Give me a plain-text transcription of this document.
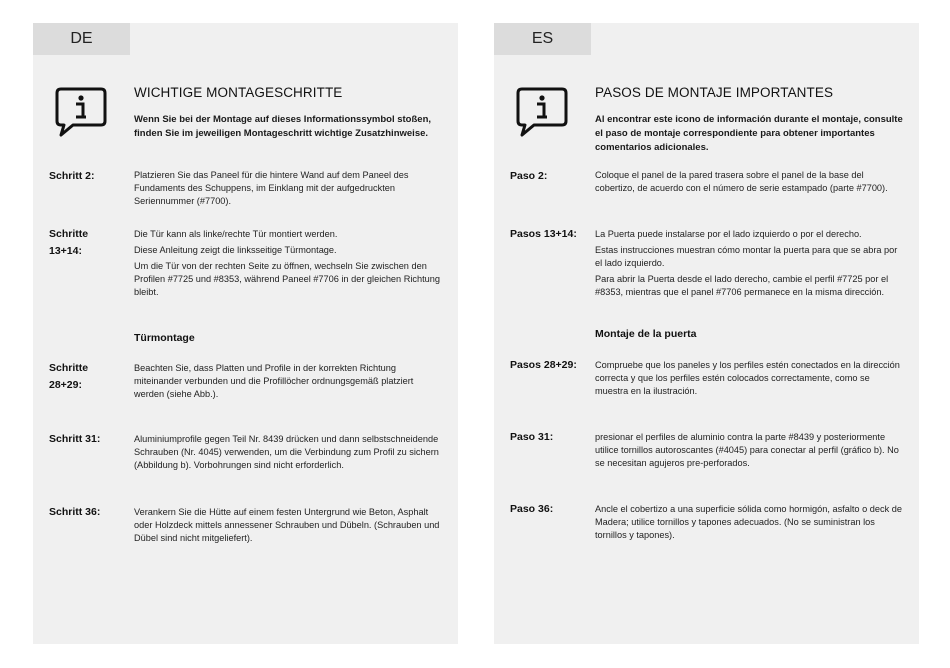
DE
WICHTIGE MONTAGESCHRITTE
Wenn Sie bei der Montage auf dieses Informationssymbol stoßen, finden Sie im jeweiligen Montageschritt wichtige Zusatzhinweise.
Schritt 2:	Platzieren Sie das Paneel für die hintere Wand auf dem Paneel des Fundaments des Schuppens, im Einklang mit der aufgedruckten Seriennummer (#7700).
Schritte 13+14:
Die Tür kann als linke/rechte Tür montiert werden.
Diese Anleitung zeigt die linksseitige Türmontage.
Um die Tür von der rechten Seite zu öffnen, wechseln Sie zwischen den Profilen #7725 und #8353, während Paneel #7706 in der gleichen Richtung bleibt.
Türmontage
Schritte 28+29:
Beachten Sie, dass Platten und Profile in der korrekten Richtung miteinander verbunden und die Profillöcher ordnungsgemäß platziert werden (siehe Abb.).
Schritt 31:	Aluminiumprofile gegen Teil Nr. 8439 drücken und dann selbstschneidende Schrauben (Nr. 4045) verwenden, um die Verbindung zum Profil zu sichern (Abbildung b). Vorbohrungen sind nicht erforderlich.
Schritt 36:	Verankern Sie die Hütte auf einem festen Untergrund wie Beton, Asphalt oder Holzdeck mittels annessener Schrauben und Dübeln. (Schrauben und Dübel sind nicht mitgeliefert).
ES
PASOS DE MONTAJE IMPORTANTES
Al encontrar este icono de información durante el montaje, consulte el paso de montaje correspondiente para obtener importantes comentarios adicionales.
Paso 2:	Coloque el panel de la pared trasera sobre el panel de la base del cobertizo, de acuerdo con el número de serie estampado (parte #7700).
Pasos 13+14: La Puerta puede instalarse por el lado izquierdo o por el derecho.
Estas instrucciones muestran cómo montar la puerta para que se abra por el lado izquierdo.
Para abrir la Puerta desde el lado derecho, cambie el perfil #7725 por el #8353, mientras que el panel #7706 permanece en la misma dirección.
Montaje de la puerta
Pasos 28+29: Compruebe que los paneles y los perfiles estén conectados en la dirección correcta y que los perfiles estén colocados correctamente, como se muestra en la ilustración.
Paso 31:	presionar el perfiles de aluminio contra la parte #8439 y posteriormente utilice tornillos autoroscantes (#4045) para conectar al perfil (gráfico b). No se necesitan agujeros pre-perforados.
Paso 36:	Ancle el cobertizo a una superficie sólida como hormigón, asfalto o deck de Madera; utilice tornillos y tapones adecuados. (No se suministran los tornillos y tapones).
